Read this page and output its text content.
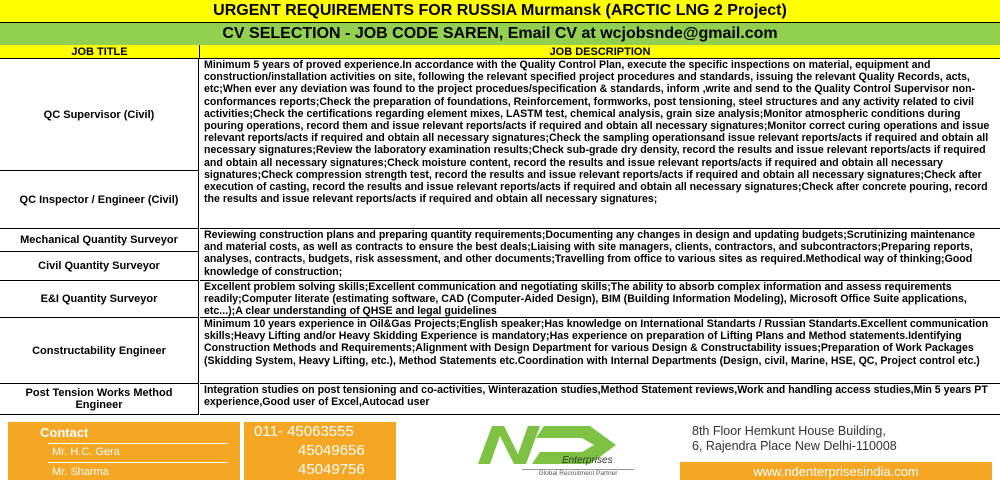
URGENT REQUIREMENTS FOR RUSSIA Murmansk (ARCTIC LNG 2 Project)
CV SELECTION - JOB CODE SAREN, Email CV at wcjobsnde@gmail.com
JOB TITLE	JOB DESCRIPTION
QC Supervisor (Civil)
QC Inspector / Engineer (Civil)
Mechanical Quantity Surveyor
Civil Quantity Surveyor
E&I Quantity Surveyor
Constructability Engineer
Post Tension Works Method Engineer
Minimum 5 years of proved experience.In accordance with the Quality Control Plan, execute the specific inspections on material, equipment and construction/installation activities on site, following the relevant specified project procedures and standards, issuing the relevant Quality Records, acts, etc;When ever any deviation was found to the project procedues/specification & standards, inform ,write and send to the Quality Control Supervisor non-conformances reports;Check the preparation of foundations, Reinforcement, formworks, post tensioning, steel structures and any activity related to civil activities;Check the certifications regarding element mixes, LASTM test, chemical analysis, grain size analysis;Monitor atmospheric conditions during pouring operations, record them and issue relevant reports/acts if required and obtain all necessary signatures;Monitor correct curing operations and issue relevant reports/acts if required and obtain all necessary signatures;Check the sampling operationsand issue relevant reports/acts if required and obtain all necessary signatures;Review the laboratory examination results;Check sub-grade dry density, record the results and issue relevant reports/acts if required and obtain all necessary signatures;Check moisture content, record the results and issue relevant reports/acts if required and obtain all necessary signatures;Check compression strength test, record the results and issue relevant reports/acts if required and obtain all necessary signatures;Check after execution of casting, record the results and issue relevant reports/acts if required and obtain all necessary signatures;Check after concrete pouring, record the results and issue relevant reports/acts if required and obtain all necessary signatures;
Reviewing construction plans and preparing quantity requirements;Documenting any changes in design and updating budgets;Scrutinizing maintenance and material costs, as well as contracts to ensure the best deals;Liaising with site managers, clients, contractors, and subcontractors;Preparing reports, analyses, contracts, budgets, risk assessment, and other documents;Travelling from office to various sites as required.Methodical way of thinking;Good knowledge of construction;
Excellent problem solving skills;Excellent communication and negotiating skills;The ability to absorb complex information and assess requirements readily;Computer literate (estimating software, CAD (Computer-Aided Design), BIM (Building Information Modeling), Microsoft Office Suite applications, etc...);A clear understanding of QHSE and legal guidelines
Minimum 10 years experience in Oil&Gas Projects;English speaker;Has knowledge on International Standarts / Russian Standarts.Excellent communication skills;Heavy Lifting and/or Heavy Skidding Experience is mandatory;Has experience on preparation of Lifting Plans and Method statements.Identifying Construction Methods and Requirements;Alignment with Design Department for various Design & Constructability issues;Preparation of Work Packages (Skidding System, Heavy Lifting, etc.), Method Statements etc.Coordination with Internal Departments (Design, civil, Marine, HSE, QC, Project control etc.)
Integration studies on post tensioning and co-activities, Winterazation studies,Method Statement reviews,Work and handling access studies,Min 5 years PT experience,Good user of Excel,Autocad user
Contact
Mr. H.C. Gera
Mr. Sharma
011- 45063555
45049656
45049756
Enterprises
Global Recruitment Partner
8th Floor Hemkunt House Building,
6, Rajendra Place New Delhi-110008
www.ndenterprisesindia.com
